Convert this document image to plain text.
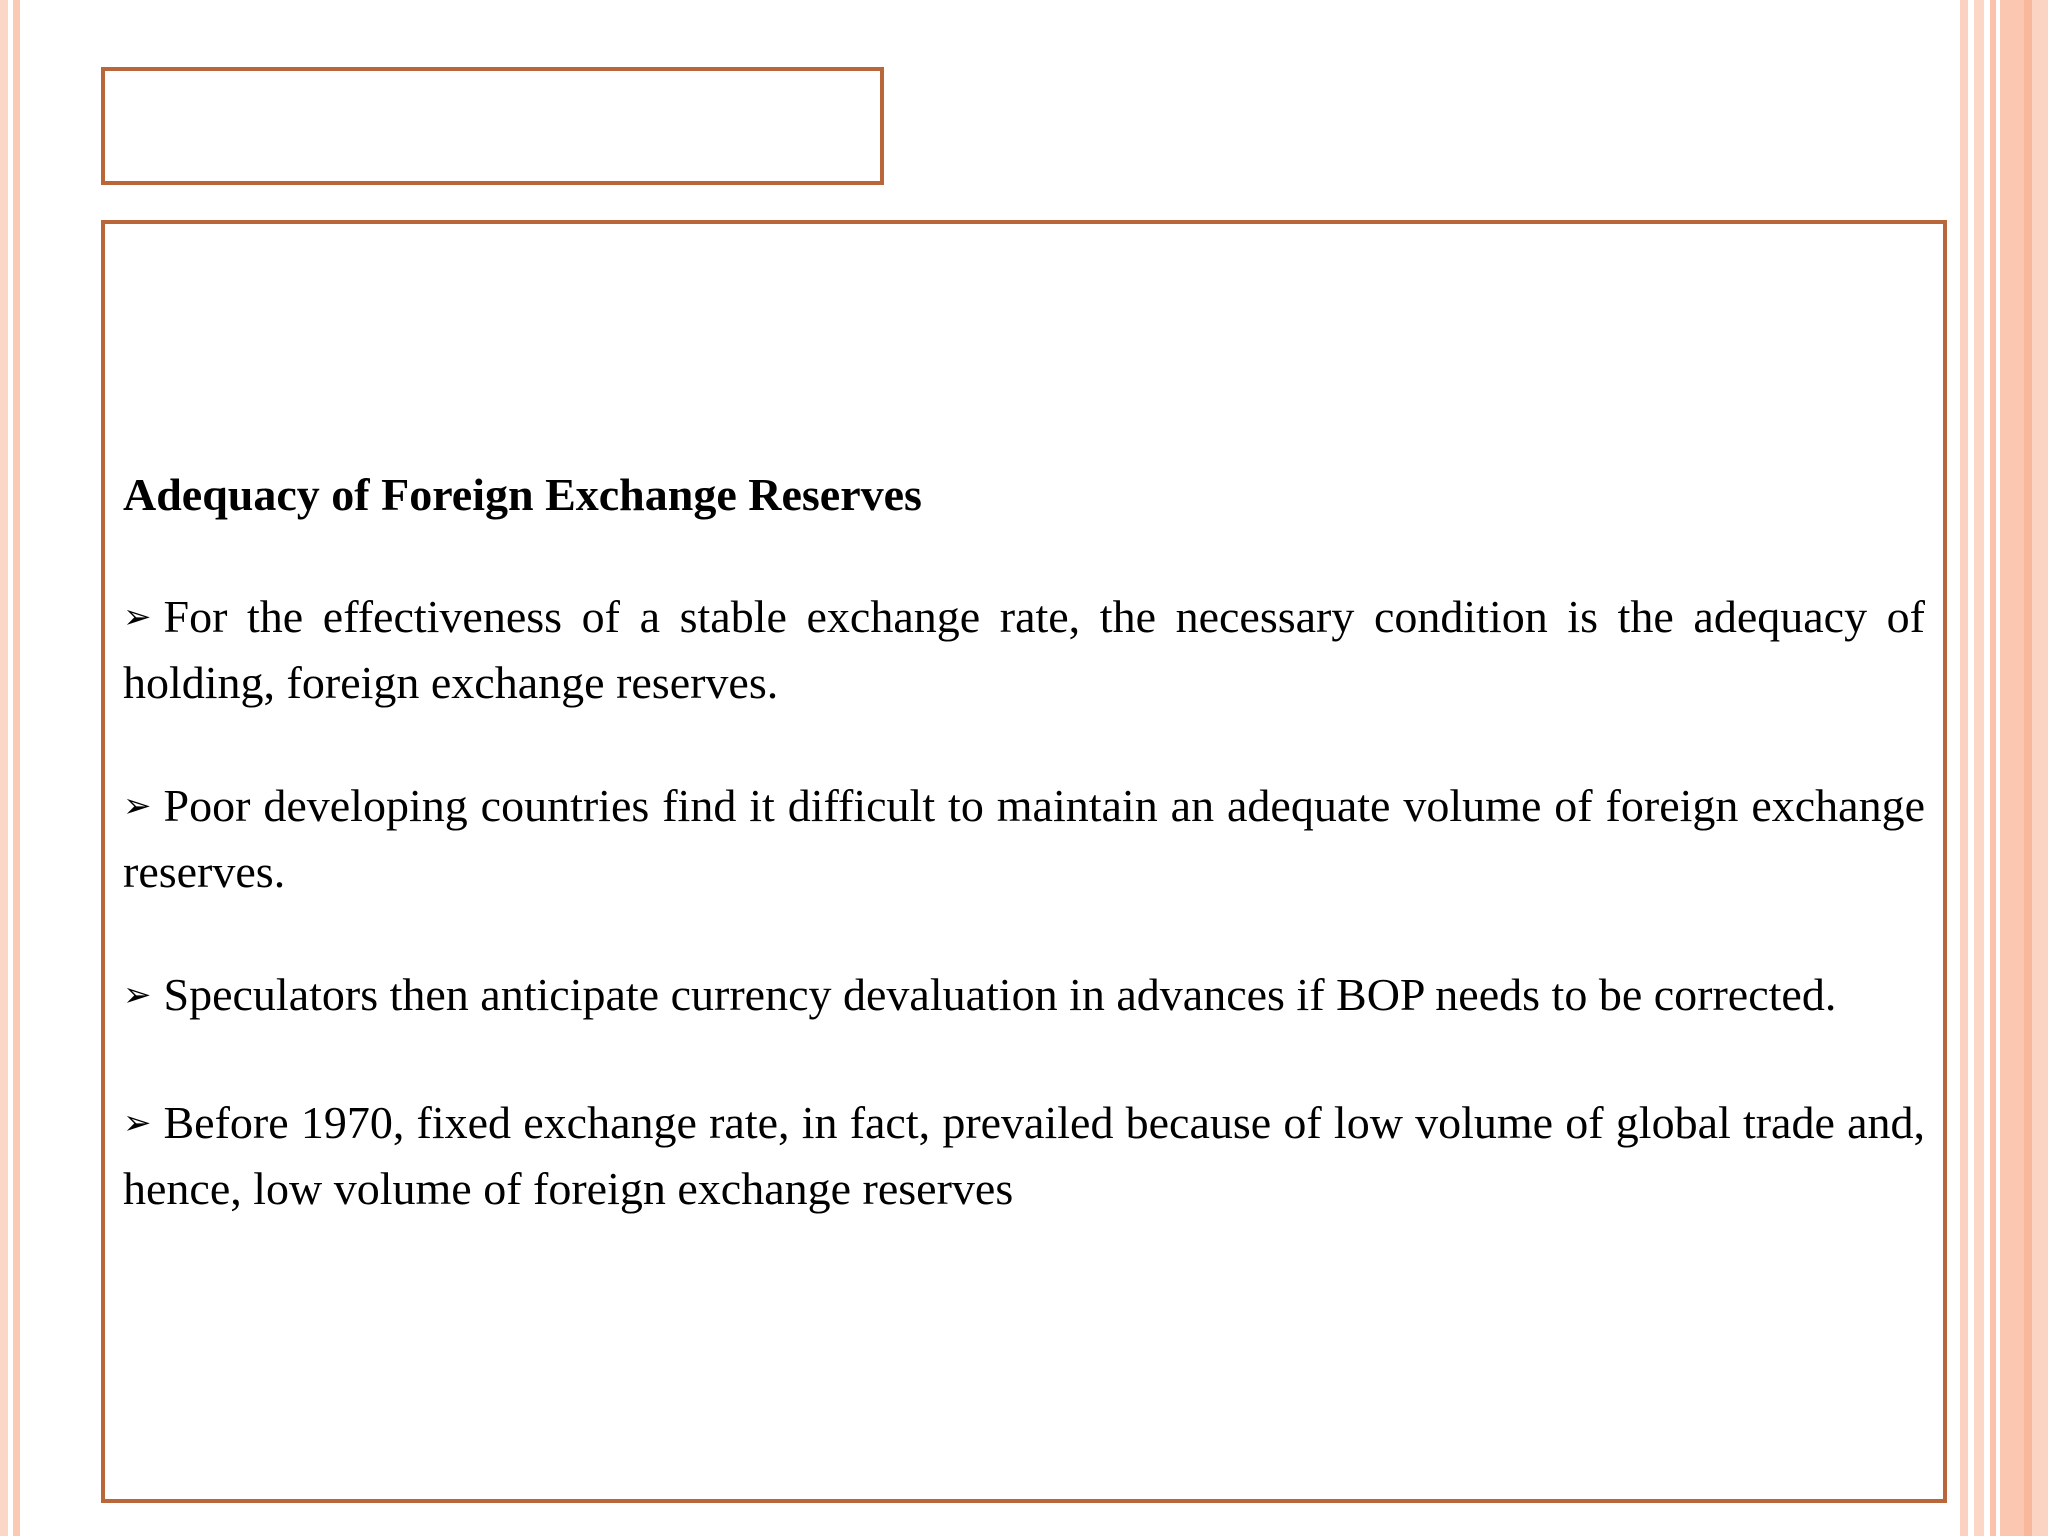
Adequacy of Foreign Exchange Reserves
➢ For the effectiveness of a stable exchange rate, the necessary condition is the adequacy of holding, foreign exchange reserves.
➢ Poor developing countries find it difficult to maintain an adequate volume of foreign exchange reserves.
➢ Speculators then anticipate currency devaluation in advances if BOP needs to be corrected.
➢ Before 1970, fixed exchange rate, in fact, prevailed because of low volume of global trade and, hence, low volume of foreign exchange reserves
